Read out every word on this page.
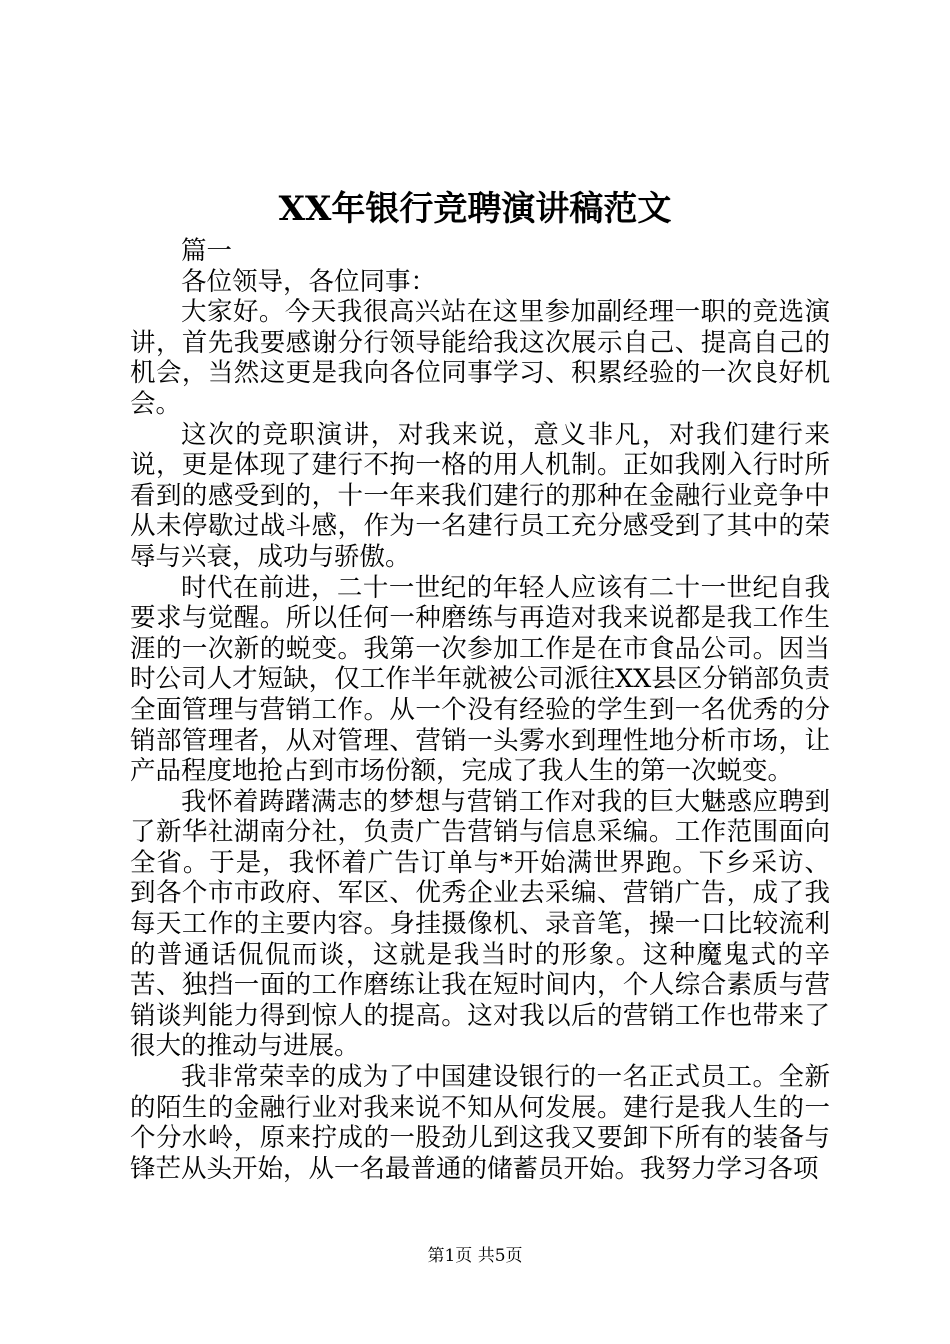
XX年银行竞聘演讲稿范文

篇一

各位领导，各位同事：

大家好。今天我很高兴站在这里参加副经理一职的竞选演讲，首先我要感谢分行领导能给我这次展示自己、提高自己的机会，当然这更是我向各位同事学习、积累经验的一次良好机会。

这次的竞职演讲，对我来说，意义非凡，对我们建行来说，更是体现了建行不拘一格的用人机制。正如我刚入行时所看到的感受到的，十一年来我们建行的那种在金融行业竞争中从未停歇过战斗感，作为一名建行员工充分感受到了其中的荣辱与兴衰，成功与骄傲。

时代在前进，二十一世纪的年轻人应该有二十一世纪自我要求与觉醒。所以任何一种磨练与再造对我来说都是我工作生涯的一次新的蜕变。我第一次参加工作是在市食品公司。因当时公司人才短缺，仅工作半年就被公司派往XX县区分销部负责全面管理与营销工作。从一个没有经验的学生到一名优秀的分销部管理者，从对管理、营销一头雾水到理性地分析市场，让产品程度地抢占到市场份额，完成了我人生的第一次蜕变。

我怀着踌躇满志的梦想与营销工作对我的巨大魅惑应聘到了新华社湖南分社，负责广告营销与信息采编。工作范围面向全省。于是，我怀着广告订单与*开始满世界跑。下乡采访、到各个市市政府、军区、优秀企业去采编、营销广告，成了我每天工作的主要内容。身挂摄像机、录音笔，操一口比较流利的普通话侃侃而谈，这就是我当时的形象。这种魔鬼式的辛苦、独挡一面的工作磨练让我在短时间内，个人综合素质与营销谈判能力得到惊人的提高。这对我以后的营销工作也带来了很大的推动与进展。

我非常荣幸的成为了中国建设银行的一名正式员工。全新的陌生的金融行业对我来说不知从何发展。建行是我人生的一个分水岭，原来拧成的一股劲儿到这我又要卸下所有的装备与锋芒从头开始，从一名最普通的储蓄员开始。我努力学习各项

第1页 共5页
